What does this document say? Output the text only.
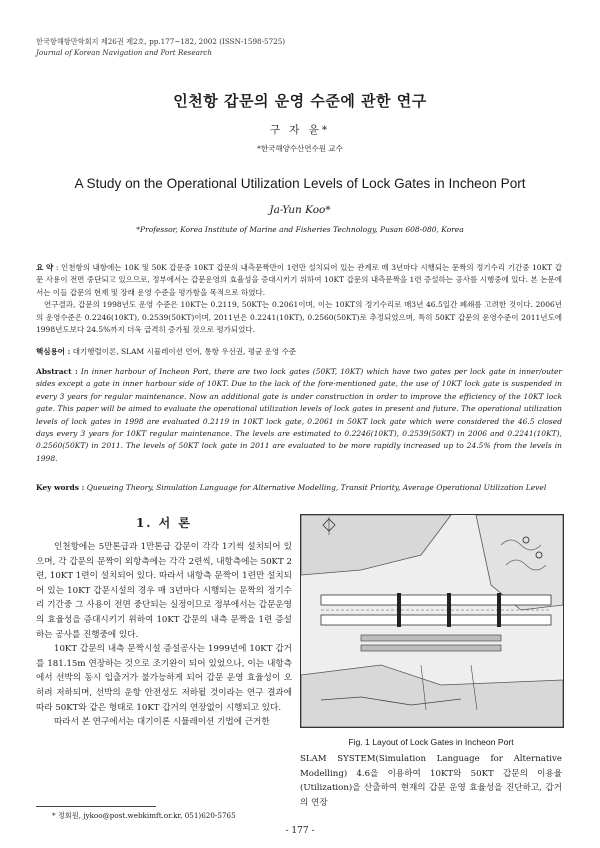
한국항해항만학회지 제26권 제2호, pp.177~182, 2002 (ISSN-1598-5725)
Journal of Korean Navigation and Port Research
인천항 갑문의 운영 수준에 관한 연구
구 자 윤*
*한국해양수산연수원 교수
A Study on the Operational Utilization Levels of Lock Gates in Incheon Port
Ja-Yun Koo*
*Professor, Korea Institute of Marine and Fisheries Technology, Pusan 608-080, Korea
요 약 : 인천항의 내항에는 10K 및 50K 갑문중 10KT 갑문의 내측문짝만이 1련만 설치되어 있는 관계로 매 3년마다 시행되는 문짝의 정기수리 기간중 10KT 갑문 사용이 전면 중단되고 있으므로, 정부에서는 갑문운영의 효율성을 증대시키기 위하여 10KT 갑문의 내측문짝을 1련 증설하는 공사를 시행중에 있다. 본 논문에서는 이들 갑문의 현재 및 장래 운영 수준을 평가함을 목적으로 하였다.
연구결과, 갑문의 1998년도 운영 수준은 10KT는 0.2119, 50KT는 0.2061이며, 이는 10KT의 정기수리로 매3년 46.5일간 폐쇄를 고려한 것이다. 2006년의 운영수준은 0.2246(10KT), 0.2539(50KT)이며, 2011년은 0.2241(10KT), 0.2560(50KT)로 추정되었으며, 특히 50KT 갑문의 운영수준이 2011년도에 1998년도보다 24.5%까지 더욱 급격히 증가될 것으로 평가되었다.
핵심용어 : 대기행렬이론, SLAM 시뮬레이션 언어, 통항 우선권, 평균 운영 수준
Abstract : In inner harbour of Incheon Port, there are two lock gates (50KT, 10KT) which have two gates per lock gate in inner/outer sides except a gate in inner harbour side of 10KT. Due to the lack of the fore-mentioned gate, the use of 10KT lock gate is suspended in every 3 years for regular maintenance. Now an additional gate is under construction in order to improve the efficiency of the 10KT lock gate. This paper will be aimed to evaluate the operational utilization levels of lock gates in present and future. The operational utilization levels of lock gates in 1998 are evaluated 0.2119 in 10KT lock gate, 0.2061 in 50KT lock gate which were considered the 46.5 closed days every 3 years for 10KT regular maintenance. The levels are estimated to 0.2246(10KT), 0.2539(50KT) in 2006 and 0.2241(10KT), 0.2560(50KT) in 2011. The levels of 50KT lock gate in 2011 are evaluated to be more rapidly increased up to 24.5% from the levels in 1998.
Key words : Queueing Theory, Simulation Language for Alternative Modelling, Transit Priority, Average Operational Utilization Level
1. 서 론

인천항에는 5만톤급과 1만톤급 갑문이 각각 1기씩 설치되어 있으며, 각 갑문의 문짝이 외항측에는 각각 2련씩, 내항측에는 50KT 2련, 10KT 1련이 설치되어 있다. 따라서 내항측 문짝이 1련만 설치되어 있는 10KT 갑문시설의 경우 매 3년마다 시행되는 문짝의 정기수리 기간중 그 사용이 전면 중단되는 실정이므로 정부에서는 갑문운영의 효율성을 증대시키기 위하여 10KT 갑문의 내측 문짝을 1련 증설하는 공사를 진행중에 있다.

10KT 갑문의 내측 문짝시설 증설공사는 1999년에 10KT 갑거를 181.15m 연장하는 것으로 조기완이 되어 있었으나, 이는 내항측에서 선박의 동시 입출거가 불가능하게 되어 갑문 운영 효율성이 오히려 저하되며, 선박의 운항 안전성도 저하될 것이라는 연구 결과에 따라 50KT와 같은 형태로 10KT 갑거의 연장없이 시행되고 있다.

따라서 본 연구에서는 대기이론 시뮬레이션 기법에 근거한

Fig. 1 Layout of Lock Gates in Incheon Port
SLAM SYSTEM(Simulation Language for Alternative Modelling) 4.6을 이용하여 10KT와 50KT 갑문의 이용율(Utilization)을 산출하여 현재의 갑문 운영 효율성을 진단하고, 갑거의 연장
* 정회원, jykoo@post.webkimft.or.kr, 051)620-5765
- 177 -
